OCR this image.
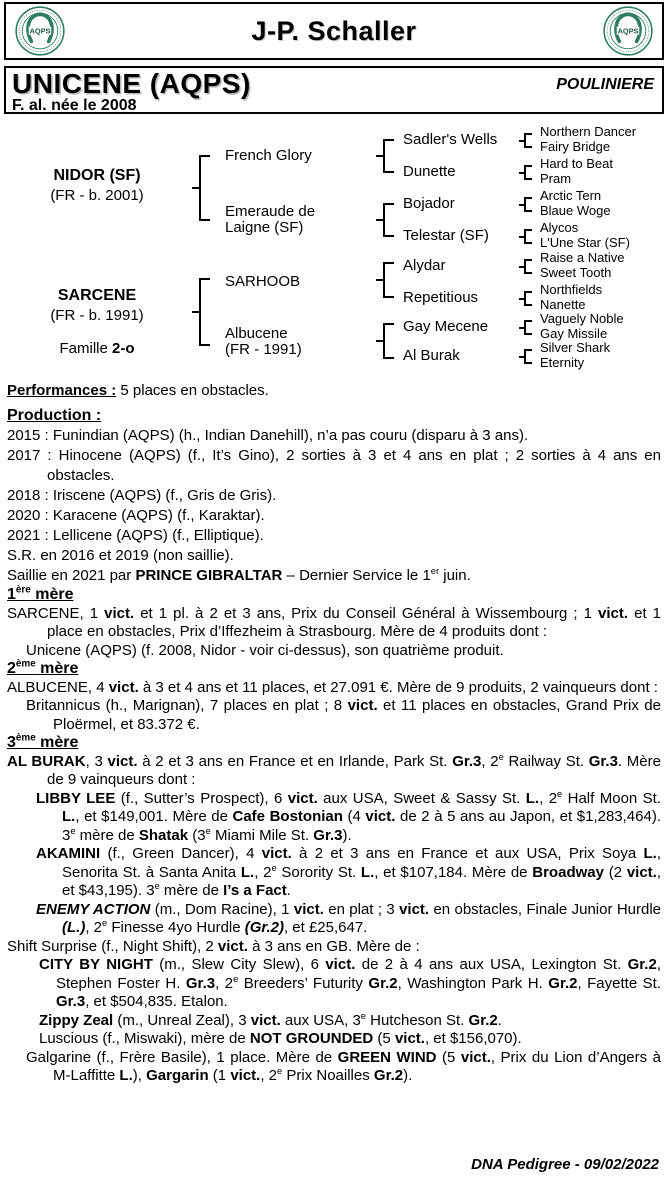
AQPS	J-P. Schaller	AQPS
UNICENE (AQPS)	POULINIERE
F. al. née le 2008
NIDOR (SF)
(FR - b. 2001)
SARCENE
(FR - b. 1991)
Famille 2-o
French Glory
Emeraude de
Laigne (SF)
SARHOOB
Albucene
(FR - 1991)
Sadler's Wells
Dunette
Bojador
Telestar (SF)
Alydar
Repetitious
Gay Mecene
Al Burak
Northern Dancer
Fairy Bridge
Hard to Beat
Pram
Arctic Tern
Blaue Woge
Alycos
L'Une Star (SF)
Raise a Native
Sweet Tooth
Northfields
Nanette
Vaguely Noble
Gay Missile
Silver Shark
Eternity

Performances : 5 places en obstacles.

Production :

2015 : Funindian (AQPS) (h., Indian Danehill), n’a pas couru (disparu à 3 ans).

2017 : Hinocene (AQPS) (f., It’s Gino), 2 sorties à 3 et 4 ans en plat ; 2 sorties à 4 ans en obstacles.

2018 : Iriscene (AQPS) (f., Gris de Gris).

2020 : Karacene (AQPS) (f., Karaktar).

2021 : Lellicene (AQPS) (f., Elliptique).

S.R. en 2016 et 2019 (non saillie).

Saillie en 2021 par PRINCE GIBRALTAR – Dernier Service le 1er juin.

1ère mère

SARCENE, 1 vict. et 1 pl. à 2 et 3 ans, Prix du Conseil Général à Wissembourg ; 1 vict. et 1 place en obstacles, Prix d’Iffezheim à Strasbourg. Mère de 4 produits dont :

Unicene (AQPS) (f. 2008, Nidor - voir ci-dessus), son quatrième produit.

2ème mère

ALBUCENE, 4 vict. à 3 et 4 ans et 11 places, et 27.091 €. Mère de 9 produits, 2 vainqueurs dont :

Britannicus (h., Marignan), 7 places en plat ; 8 vict. et 11 places en obstacles, Grand Prix de Ploërmel, et 83.372 €.

3ème mère

AL BURAK, 3 vict. à 2 et 3 ans en France et en Irlande, Park St. Gr.3, 2e Railway St. Gr.3. Mère de 9 vainqueurs dont :

LIBBY LEE (f., Sutter’s Prospect), 6 vict. aux USA, Sweet & Sassy St. L., 2e Half Moon St. L., et $149,001. Mère de Cafe Bostonian (4 vict. de 2 à 5 ans au Japon, et $1,283,464). 3e mère de Shatak (3e Miami Mile St. Gr.3).

AKAMINI (f., Green Dancer), 4 vict. à 2 et 3 ans en France et aux USA, Prix Soya L., Senorita St. à Santa Anita L., 2e Sorority St. L., et $107,184. Mère de Broadway (2 vict., et $43,195). 3e mère de I’s a Fact.

ENEMY ACTION (m., Dom Racine), 1 vict. en plat ; 3 vict. en obstacles, Finale Junior Hurdle (L.), 2e Finesse 4yo Hurdle (Gr.2), et £25,647.

Shift Surprise (f., Night Shift), 2 vict. à 3 ans en GB. Mère de :

CITY BY NIGHT (m., Slew City Slew), 6 vict. de 2 à 4 ans aux USA, Lexington St. Gr.2, Stephen Foster H. Gr.3, 2e Breeders’ Futurity Gr.2, Washington Park H. Gr.2, Fayette St. Gr.3, et $504,835. Etalon.

Zippy Zeal (m., Unreal Zeal), 3 vict. aux USA, 3e Hutcheson St. Gr.2.

Luscious (f., Miswaki), mère de NOT GROUNDED (5 vict., et $156,070).

Galgarine (f., Frère Basile), 1 place. Mère de GREEN WIND (5 vict., Prix du Lion d’Angers à M-Laffitte L.), Gargarin (1 vict., 2e Prix Noailles Gr.2).

DNA Pedigree - 09/02/2022
